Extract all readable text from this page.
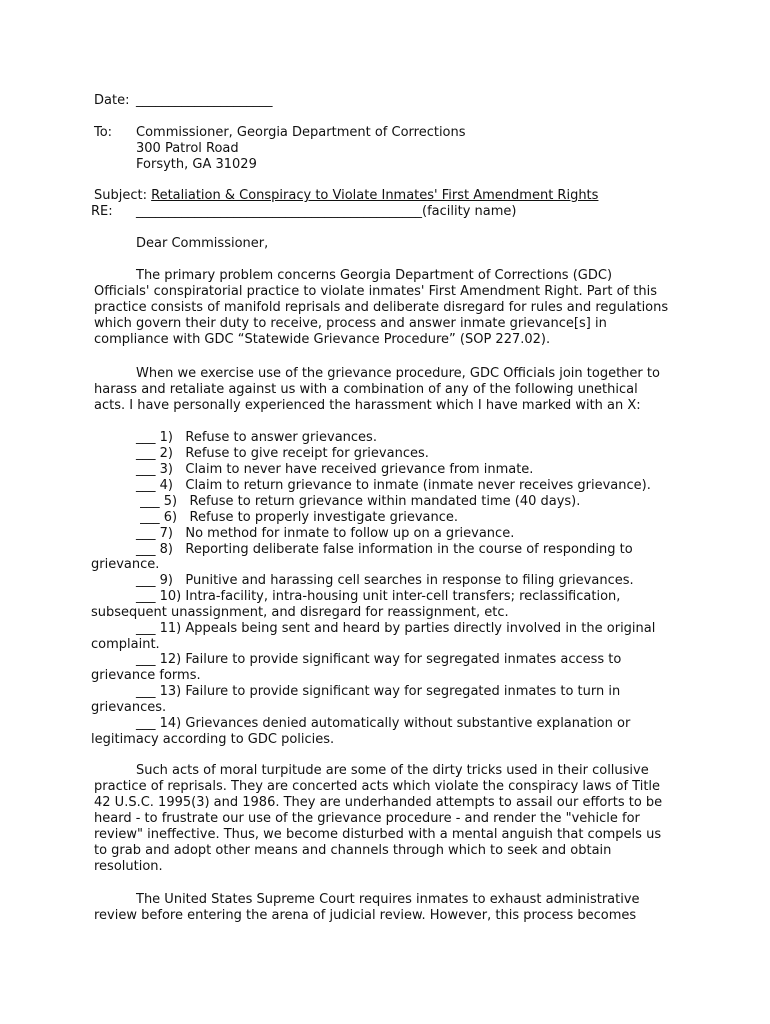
Date: _____________________
To: Commissioner, Georgia Department of Corrections
300 Patrol Road
Forsyth, GA 31029
Subject: Retaliation & Conspiracy to Violate Inmates' First Amendment Rights
RE: ____________________________________________(facility name)
Dear Commissioner,
The primary problem concerns Georgia Department of Corrections (GDC)
Officials' conspiratorial practice to violate inmates' First Amendment Right. Part of this
practice consists of manifold reprisals and deliberate disregard for rules and regulations
which govern their duty to receive, process and answer inmate grievance[s] in
compliance with GDC “Statewide Grievance Procedure” (SOP 227.02).
When we exercise use of the grievance procedure, GDC Officials join together to
harass and retaliate against us with a combination of any of the following unethical
acts. I have personally experienced the harassment which I have marked with an X:
___ 1)   Refuse to answer grievances.
___ 2)   Refuse to give receipt for grievances.
___ 3)   Claim to never have received grievance from inmate.
___ 4)   Claim to return grievance to inmate (inmate never receives grievance).
___ 5)   Refuse to return grievance within mandated time (40 days).
___ 6)   Refuse to properly investigate grievance.
___ 7)   No method for inmate to follow up on a grievance.
___ 8)   Reporting deliberate false information in the course of responding to
grievance.
___ 9)   Punitive and harassing cell searches in response to filing grievances.
___ 10) Intra-facility, intra-housing unit inter-cell transfers; reclassification,
subsequent unassignment, and disregard for reassignment, etc.
___ 11) Appeals being sent and heard by parties directly involved in the original
complaint.
___ 12) Failure to provide significant way for segregated inmates access to
grievance forms.
___ 13) Failure to provide significant way for segregated inmates to turn in
grievances.
___ 14) Grievances denied automatically without substantive explanation or
legitimacy according to GDC policies.
Such acts of moral turpitude are some of the dirty tricks used in their collusive
practice of reprisals. They are concerted acts which violate the conspiracy laws of Title
42 U.S.C. 1995(3) and 1986. They are underhanded attempts to assail our efforts to be
heard - to frustrate our use of the grievance procedure - and render the "vehicle for
review" ineffective. Thus, we become disturbed with a mental anguish that compels us
to grab and adopt other means and channels through which to seek and obtain
resolution.
The United States Supreme Court requires inmates to exhaust administrative
review before entering the arena of judicial review. However, this process becomes
